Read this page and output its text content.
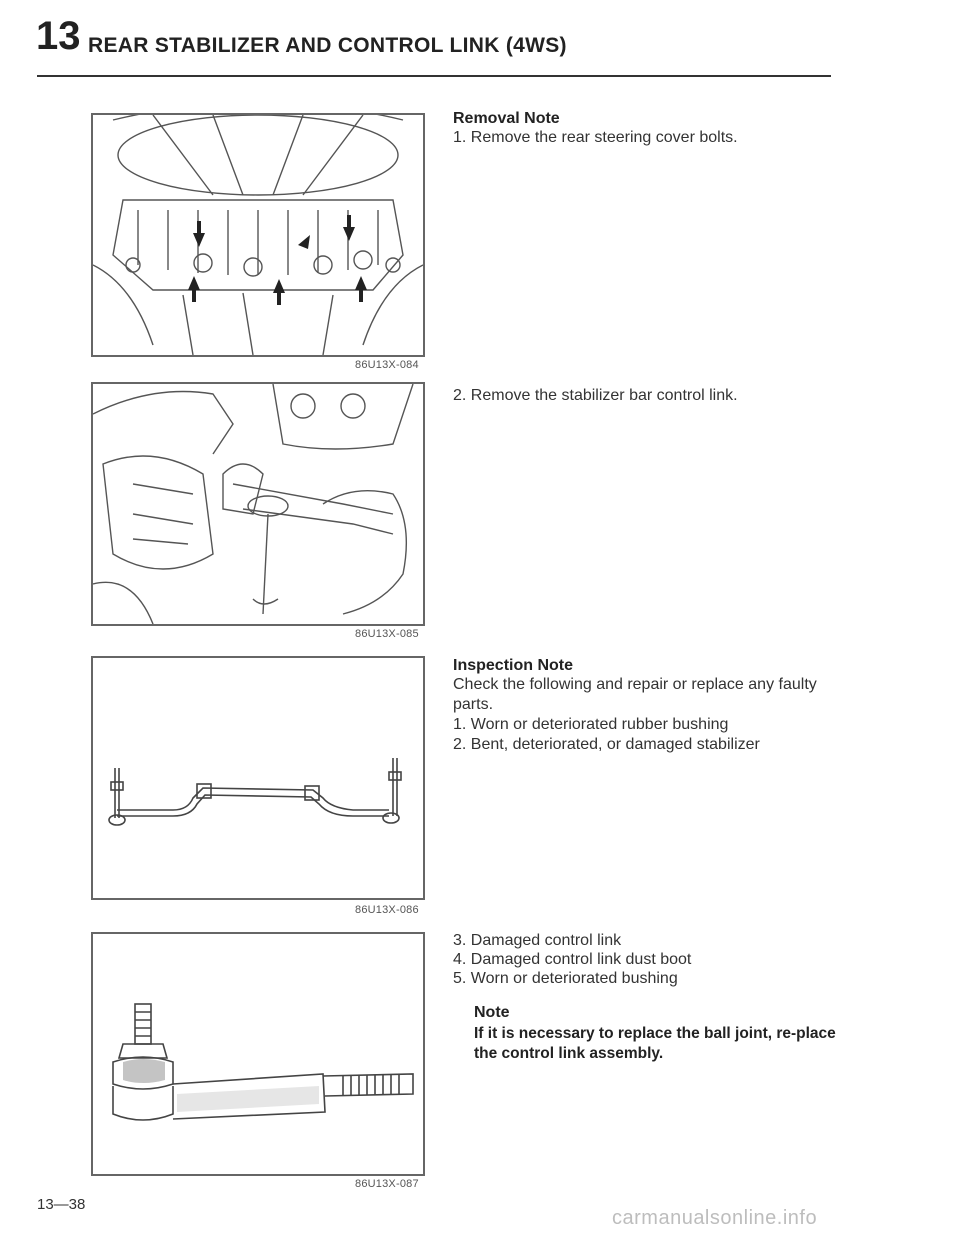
13 REAR STABILIZER AND CONTROL LINK (4WS)
86U13X-084
86U13X-085
86U13X-086
86U13X-087
Removal Note
1. Remove the rear steering cover bolts.
2. Remove the stabilizer bar control link.
Inspection Note
Check the following and repair or replace any faulty parts.
1. Worn or deteriorated rubber bushing
2. Bent, deteriorated, or damaged stabilizer
3. Damaged control link
4. Damaged control link dust boot
5. Worn or deteriorated bushing
Note
If it is necessary to replace the ball joint, re-place the control link assembly.
13—38
carmanualsonline.info
